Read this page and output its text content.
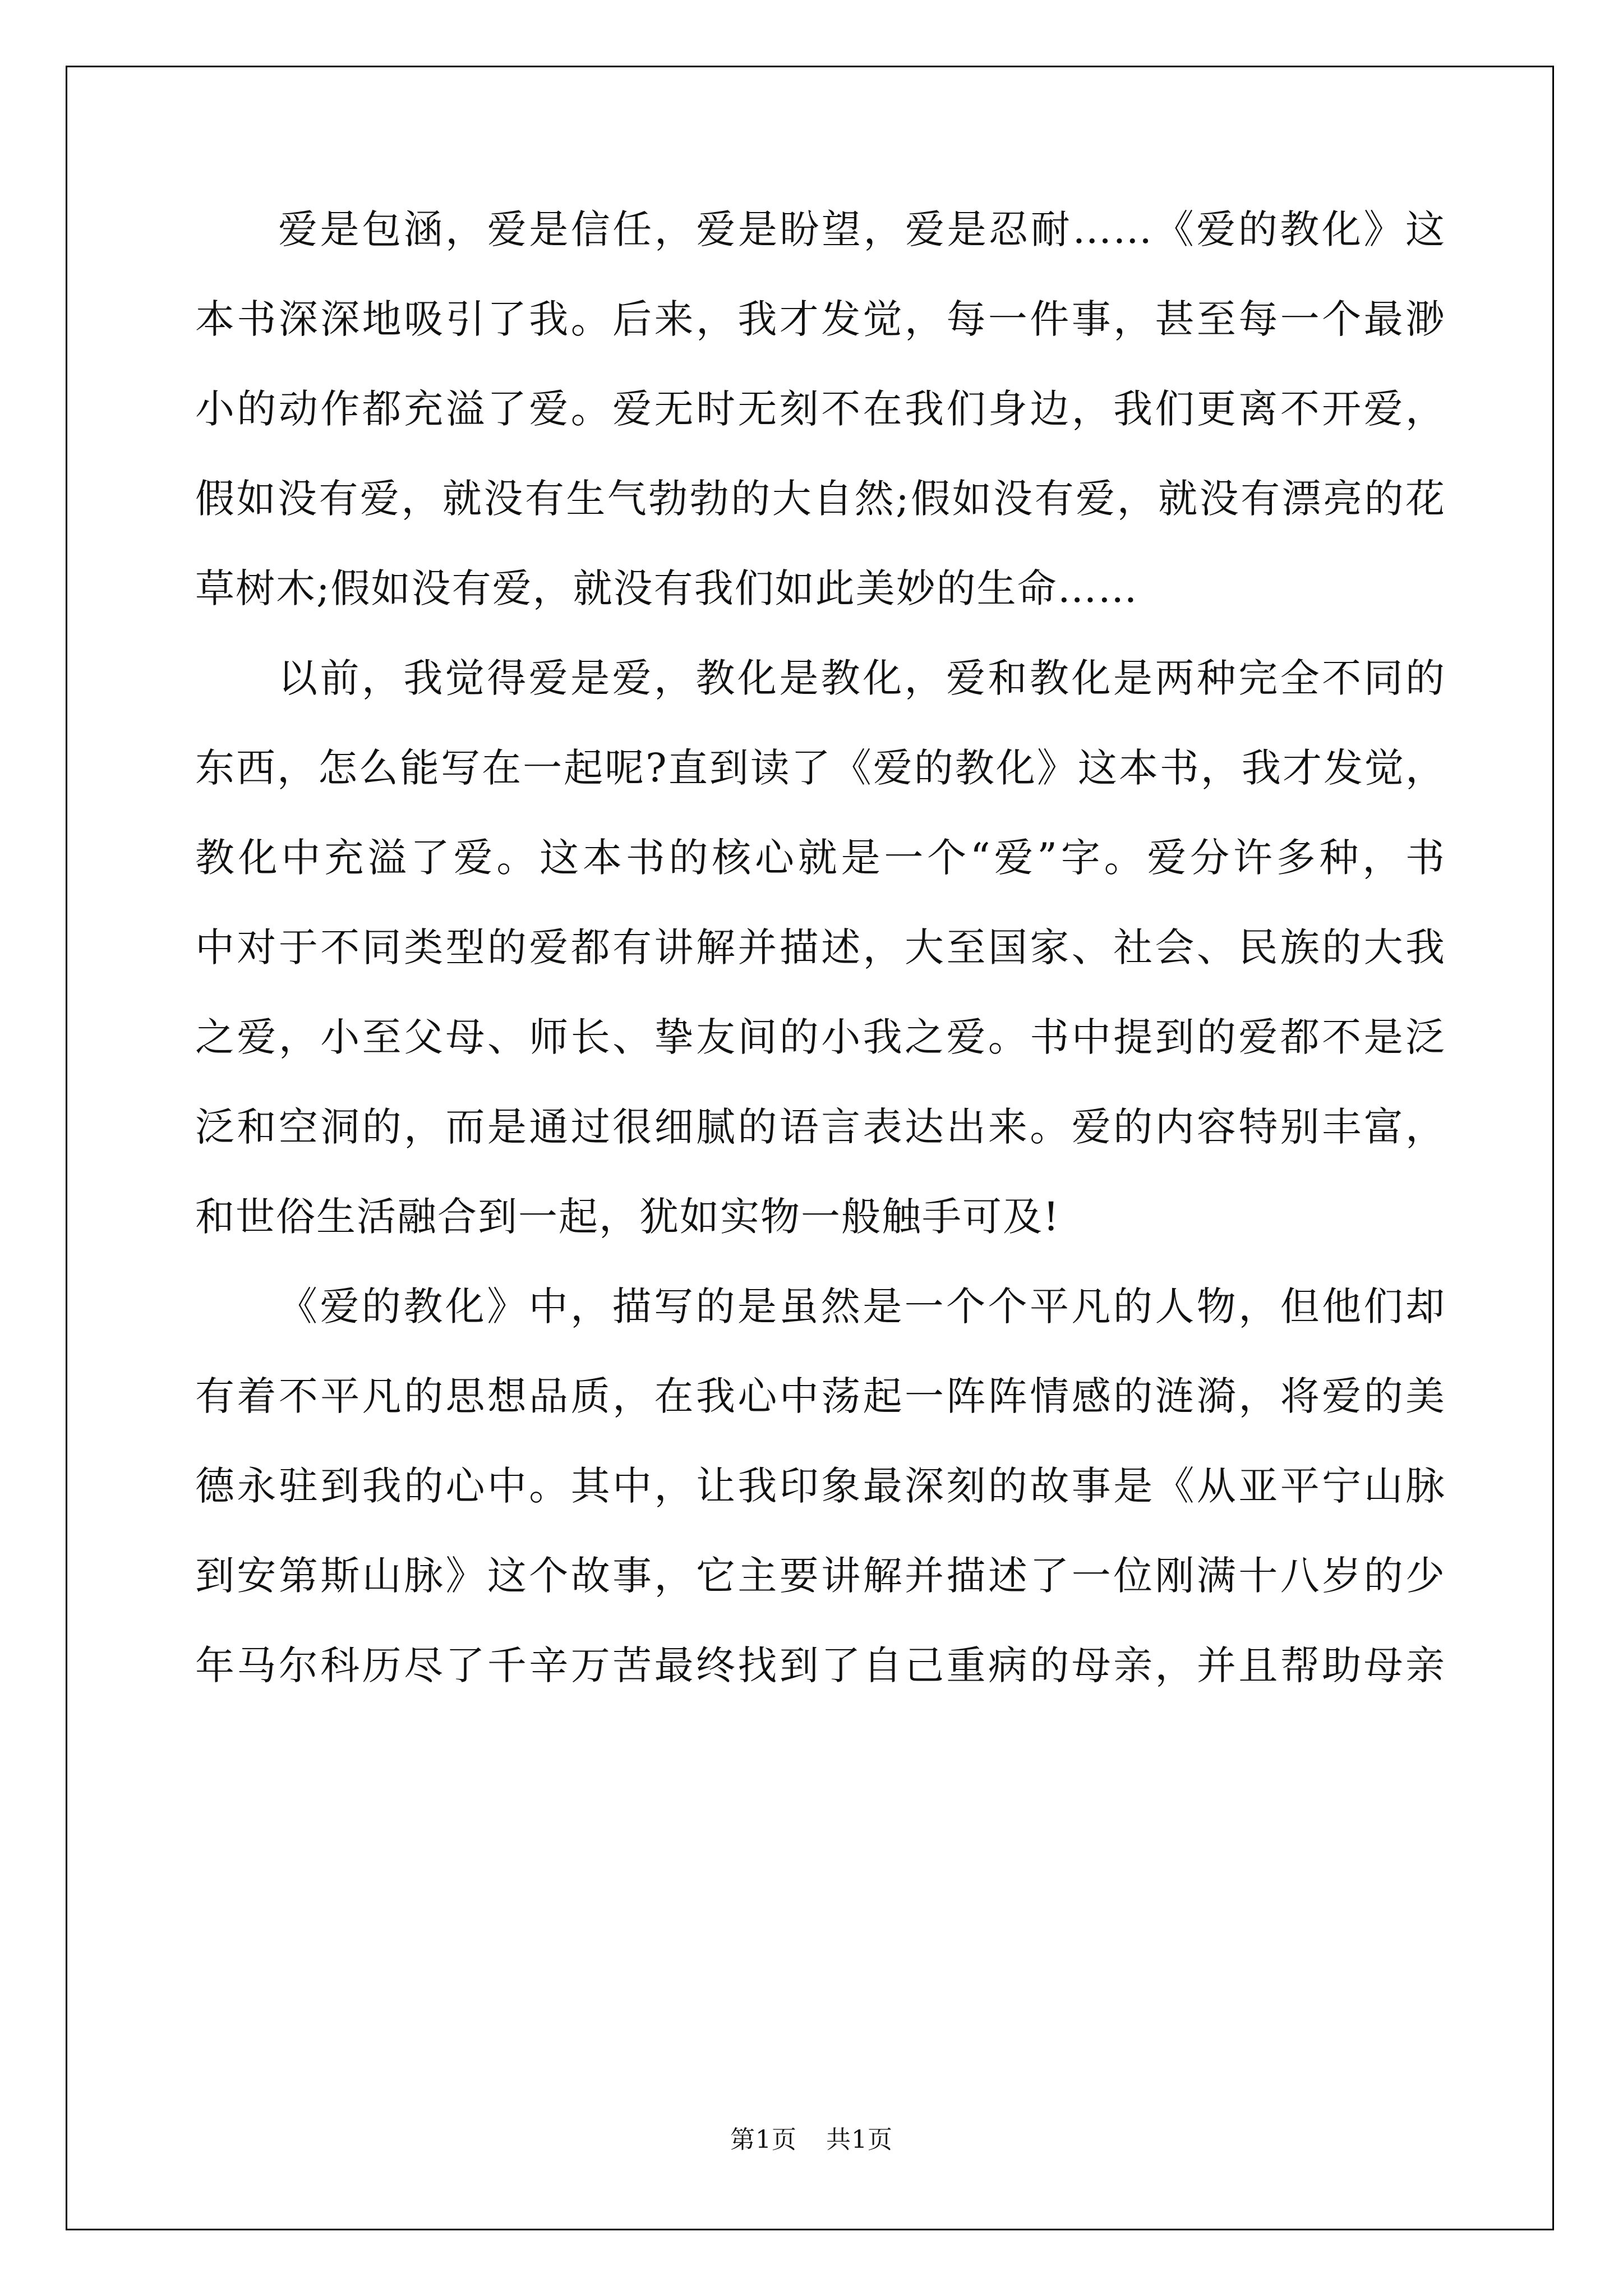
爱是包涵，爱是信任，爱是盼望，爱是忍耐……《爱的教化》这
本书深深地吸引了我。后来，我才发觉，每一件事，甚至每一个最渺
小的动作都充溢了爱。爱无时无刻不在我们身边，我们更离不开爱，
假如没有爱，就没有生气勃勃的大自然;假如没有爱，就没有漂亮的花
草树木;假如没有爱，就没有我们如此美妙的生命……
以前，我觉得爱是爱，教化是教化，爱和教化是两种完全不同的
东西，怎么能写在一起呢?直到读了《爱的教化》这本书，我才发觉，
教化中充溢了爱。这本书的核心就是一个“爱”字。爱分许多种，书
中对于不同类型的爱都有讲解并描述，大至国家、社会、民族的大我
之爱，小至父母、师长、挚友间的小我之爱。书中提到的爱都不是泛
泛和空洞的，而是通过很细腻的语言表达出来。爱的内容特别丰富，
和世俗生活融合到一起，犹如实物一般触手可及!
《爱的教化》中，描写的是虽然是一个个平凡的人物，但他们却
有着不平凡的思想品质，在我心中荡起一阵阵情感的涟漪，将爱的美
德永驻到我的心中。其中，让我印象最深刻的故事是《从亚平宁山脉
到安第斯山脉》这个故事，它主要讲解并描述了一位刚满十八岁的少
年马尔科历尽了千辛万苦最终找到了自己重病的母亲，并且帮助母亲
第1页 共1页
